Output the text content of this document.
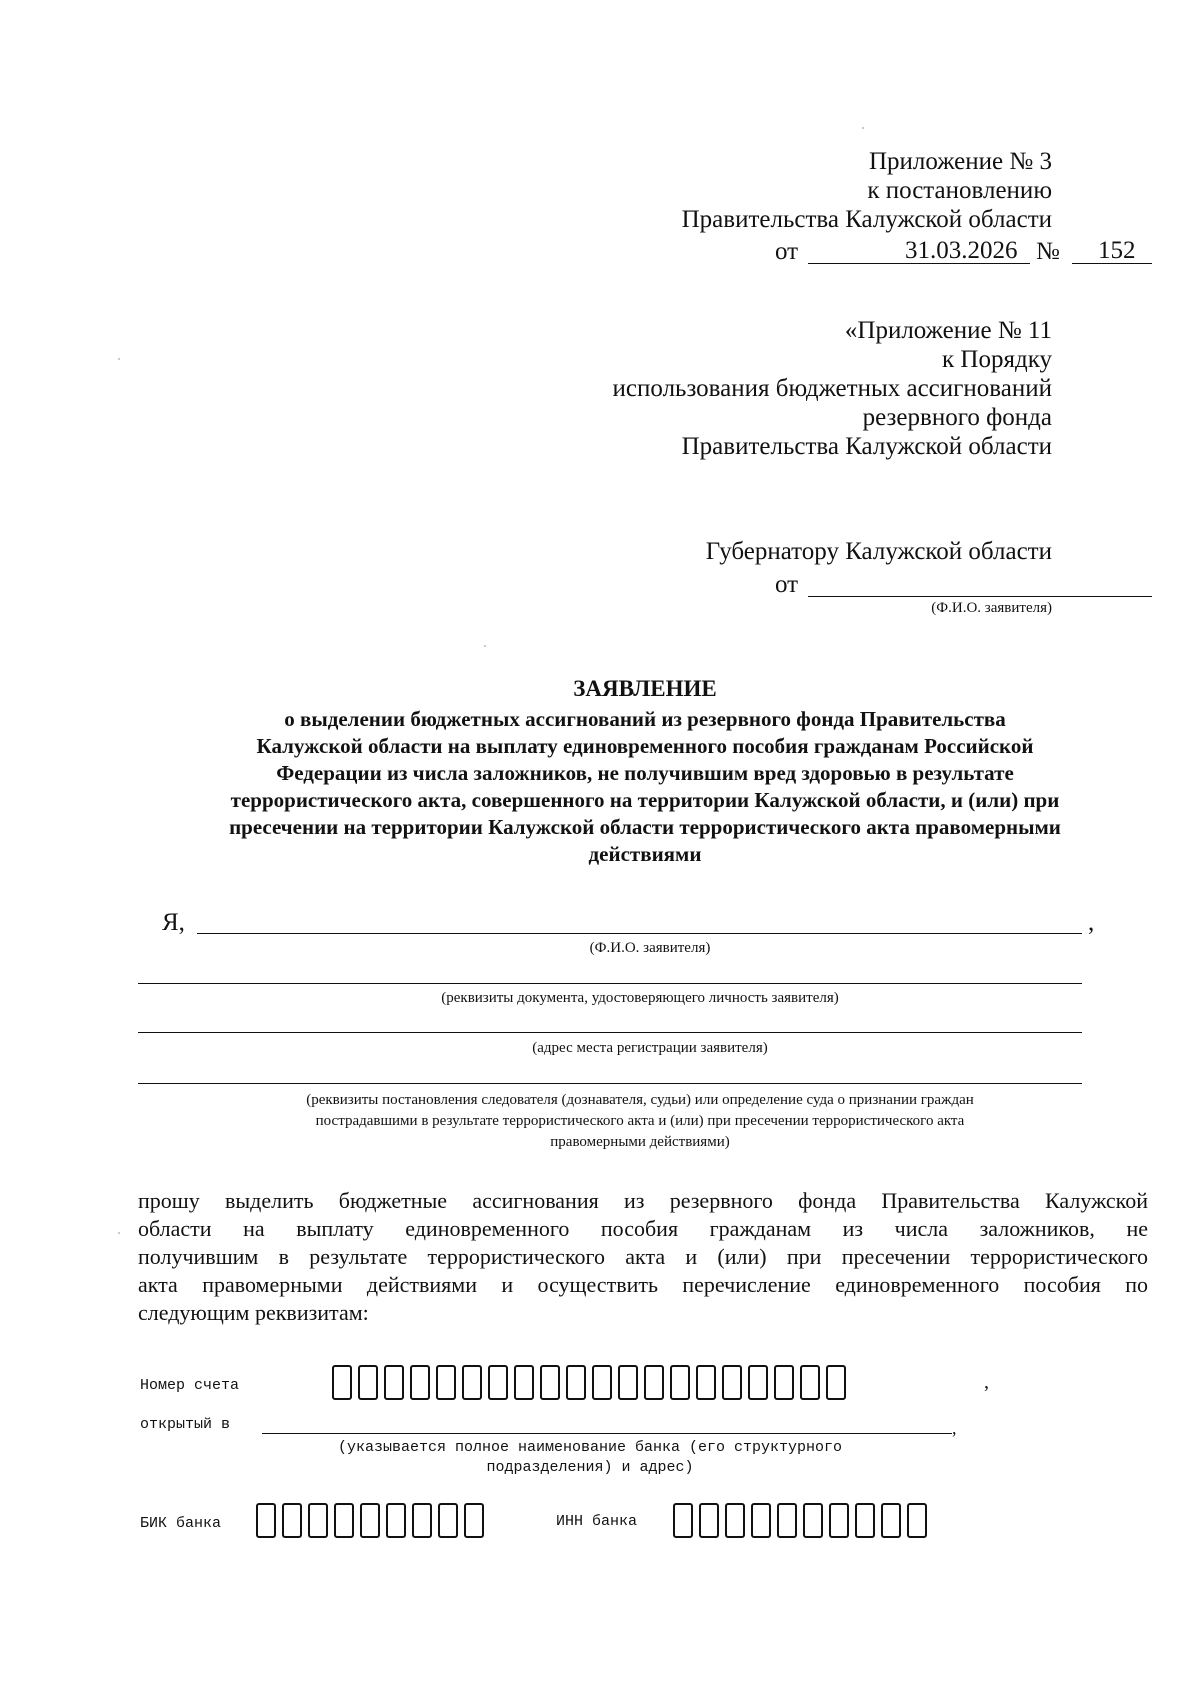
Приложение № 3
к постановлению
Правительства Калужской области
от	31.03.2026 № 152
«Приложение № 11
к Порядку
использования бюджетных ассигнований
резервного фонда
Правительства Калужской области
Губернатору Калужской области
от
(Ф.И.О. заявителя)
ЗАЯВЛЕНИЕ
о выделении бюджетных ассигнований из резервного фонда Правительства
Калужской области на выплату единовременного пособия гражданам Российской
Федерации из числа заложников, не получившим вред здоровью в результате
террористического акта, совершенного на территории Калужской области, и (или) при
пресечении на территории Калужской области террористического акта правомерными
действиями
Я,	,
(Ф.И.О. заявителя)
(реквизиты документа, удостоверяющего личность заявителя)
(адрес места регистрации заявителя)
(реквизиты постановления следователя (дознавателя, судьи) или определение суда о признании граждан
пострадавшими в результате террористического акта и (или) при пресечении террористического акта
правомерными действиями)
прошу выделить бюджетные ассигнования из резервного фонда Правительства Калужской
области на выплату единовременного пособия гражданам из числа заложников, не
получившим в результате террористического акта и (или) при пресечении террористического
акта правомерными действиями и осуществить перечисление единовременного пособия по
следующим реквизитам:
Номер счета	,
открытый в	,
(указывается полное наименование банка (его структурного
подразделения) и адрес)
БИК банка	ИНН банка
